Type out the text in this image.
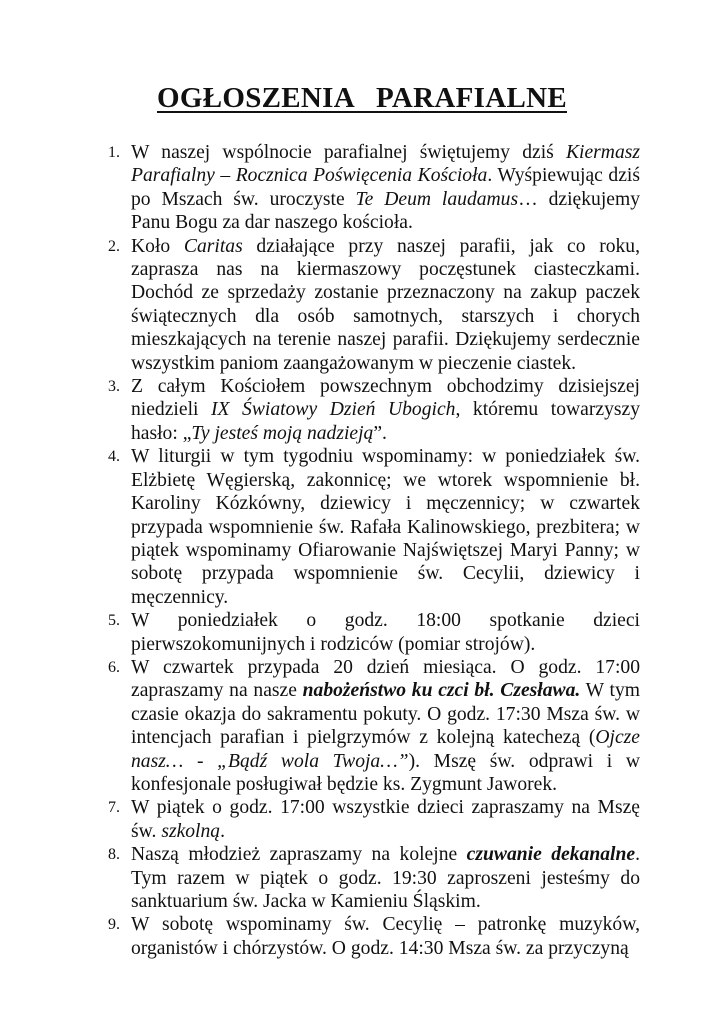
OGŁOSZENIA   PARAFIALNE
1. W naszej wspólnocie parafialnej świętujemy dziś Kiermasz Parafialny – Rocznica Poświęcenia Kościoła. Wyśpiewując dziś po Mszach św. uroczyste Te Deum laudamus… dziękujemy Panu Bogu za dar naszego kościoła.
2. Koło Caritas działające przy naszej parafii, jak co roku, zaprasza nas na kiermaszowy poczęstunek ciasteczkami. Dochód ze sprzedaży zostanie przeznaczony na zakup paczek świątecznych dla osób samotnych, starszych i chorych mieszkających na terenie naszej parafii. Dziękujemy serdecznie wszystkim paniom zaangażowanym w pieczenie ciastek.
3. Z całym Kościołem powszechnym obchodzimy dzisiejszej niedzieli IX Światowy Dzień Ubogich, któremu towarzyszy hasło: „Ty jesteś moją nadzieją”.
4. W liturgii w tym tygodniu wspominamy: w poniedziałek św. Elżbietę Węgierską, zakonnicę; we wtorek wspomnienie bł. Karoliny Kózkówny, dziewicy i męczennicy; w czwartek przypada wspomnienie św. Rafała Kalinowskiego, prezbitera; w piątek wspominamy Ofiarowanie Najświętszej Maryi Panny; w sobotę przypada wspomnienie św. Cecylii, dziewicy i męczennicy.
5. W poniedziałek o godz. 18:00 spotkanie dzieci pierwszokomunijnych i rodziców (pomiar strojów).
6. W czwartek przypada 20 dzień miesiąca. O godz. 17:00 zapraszamy na nasze nabożeństwo ku czci bł. Czesława. W tym czasie okazja do sakramentu pokuty. O godz. 17:30 Msza św. w intencjach parafian i pielgrzymów z kolejną katechezą (Ojcze nasz… - „Bądź wola Twoja…”). Mszę św. odprawi i w konfesjonale posługiwał będzie ks. Zygmunt Jaworek.
7. W piątek o godz. 17:00 wszystkie dzieci zapraszamy na Mszę św. szkolną.
8. Naszą młodzież zapraszamy na kolejne czuwanie dekanalne. Tym razem w piątek o godz. 19:30 zaproszeni jesteśmy do sanktuarium św. Jacka w Kamieniu Śląskim.
9. W sobotę wspominamy św. Cecylię – patronkę muzyków, organistów i chórzystów. O godz. 14:30 Msza św. za przyczyną
